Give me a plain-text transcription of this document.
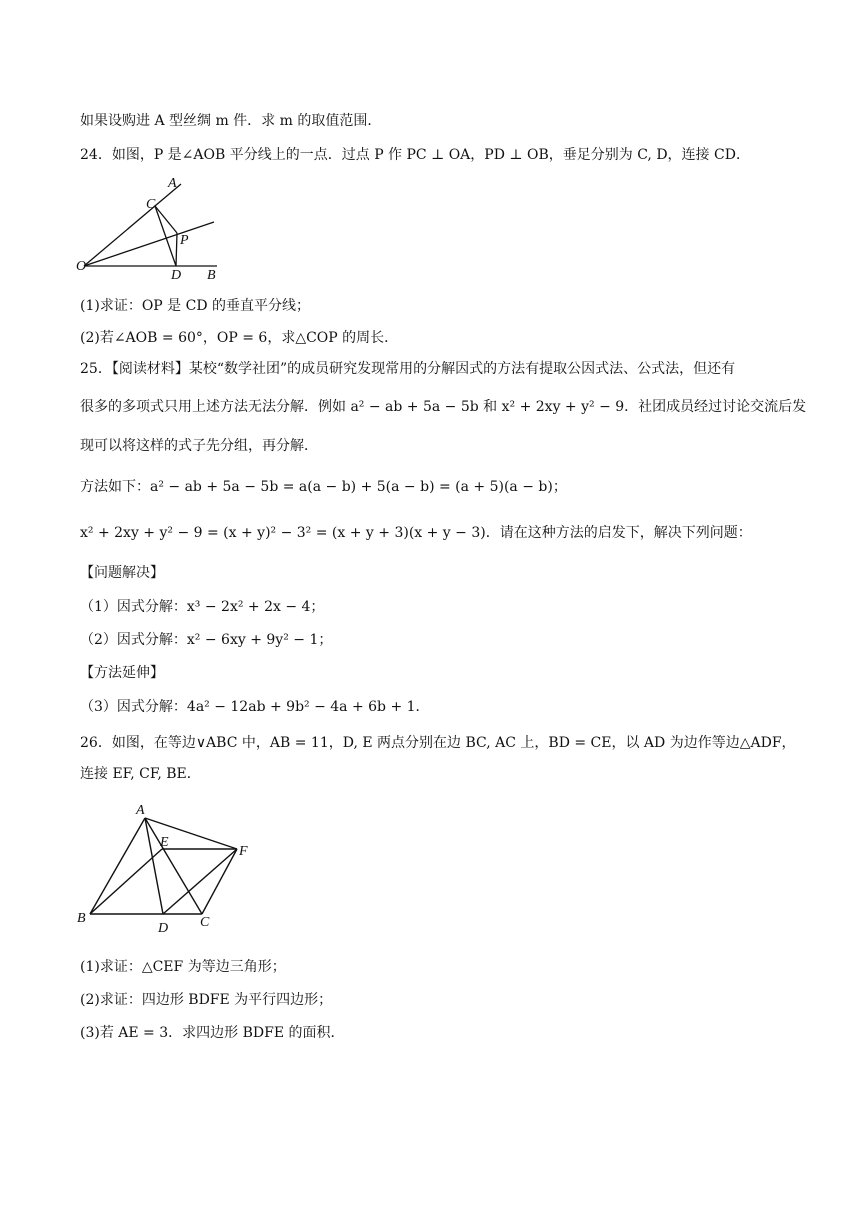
如果设购进 A 型丝绸 m 件．求 m 的取值范围．
24．如图，P 是∠AOB 平分线上的一点．过点 P 作 PC ⊥ OA，PD ⊥ OB，垂足分别为 C, D，连接 CD．
A
C
P
O
D B
(1)求证：OP 是 CD 的垂直平分线；
(2)若∠AOB = 60°，OP = 6，求△COP 的周长．
25．【阅读材料】某校“数学社团”的成员研究发现常用的分解因式的方法有提取公因式法、公式法，但还有
很多的多项式只用上述方法无法分解．例如 a² − ab + 5a − 5b 和 x² + 2xy + y² − 9．社团成员经过讨论交流后发
现可以将这样的式子先分组，再分解．
方法如下：a² − ab + 5a − 5b = a(a − b) + 5(a − b) = (a + 5)(a − b)；
x² + 2xy + y² − 9 = (x + y)² − 3² = (x + y + 3)(x + y − 3)．请在这种方法的启发下，解决下列问题：
【问题解决】
（1）因式分解：x³ − 2x² + 2x − 4；
（2）因式分解：x² − 6xy + 9y² − 1；
【方法延伸】
（3）因式分解：4a² − 12ab + 9b² − 4a + 6b + 1．
26．如图，在等边∨ABC 中，AB = 11，D, E 两点分别在边 BC, AC 上，BD = CE，以 AD 为边作等边△ADF，
连接 EF, CF, BE．
A
E
F
B
D C
(1)求证：△CEF 为等边三角形；
(2)求证：四边形 BDFE 为平行四边形；
(3)若 AE = 3．求四边形 BDFE 的面积．
